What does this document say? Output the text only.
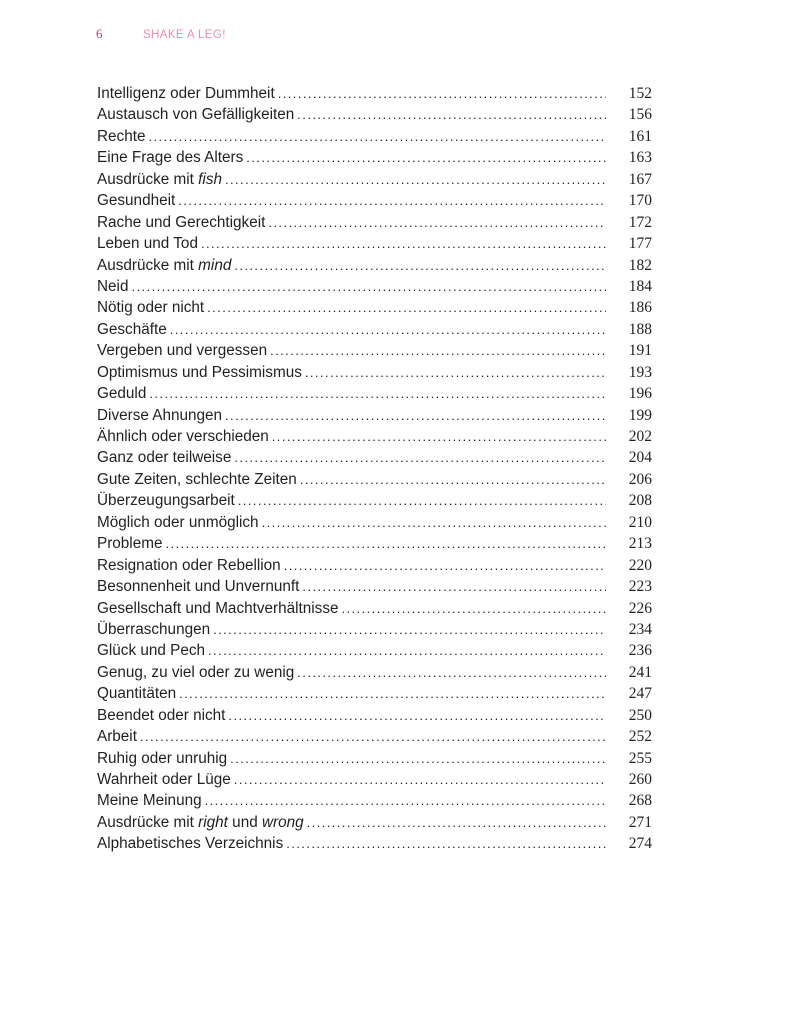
6	SHAKE A LEG!
Intelligenz oder Dummheit . . .	152
Austausch von Gefälligkeiten . . .	156
Rechte . . .	161
Eine Frage des Alters . . .	163
Ausdrücke mit fish . . .	167
Gesundheit . . .	170
Rache und Gerechtigkeit . . .	172
Leben und Tod . . .	177
Ausdrücke mit mind . . .	182
Neid . . .	184
Nötig oder nicht . . .	186
Geschäfte . . .	188
Vergeben und vergessen . . .	191
Optimismus und Pessimismus . . .	193
Geduld . . .	196
Diverse Ahnungen . . .	199
Ähnlich oder verschieden . . .	202
Ganz oder teilweise . . .	204
Gute Zeiten, schlechte Zeiten . . .	206
Überzeugungsarbeit . . .	208
Möglich oder unmöglich . . .	210
Probleme . . .	213
Resignation oder Rebellion . . .	220
Besonnenheit und Unvernunft . . .	223
Gesellschaft und Machtverhältnisse . . .	226
Überraschungen . . .	234
Glück und Pech . . .	236
Genug, zu viel oder zu wenig . . .	241
Quantitäten . . .	247
Beendet oder nicht . . .	250
Arbeit . . .	252
Ruhig oder unruhig . . .	255
Wahrheit oder Lüge . . .	260
Meine Meinung . . .	268
Ausdrücke mit right und wrong . . .	271
Alphabetisches Verzeichnis . . .	274
